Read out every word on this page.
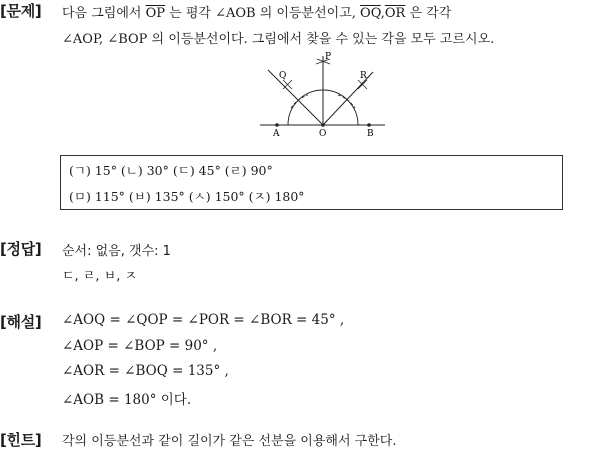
[문제] 다음 그림에서 $\overline{OP}$ 는 평각 ∠AOB 의 이등분선이고, $\overline{OQ},\overline{OR}$ 은 각각
∠AOP, ∠BOP 의 이등분선이다. 그림에서 찾을 수 있는 각을 모두 고르시오.
P
Q	R
A	O	B
(ㄱ) 15° (ㄴ) 30° (ㄷ) 45° (ㄹ) 90°
(ㅁ) 115° (ㅂ) 135° (ㅅ) 150° (ㅈ) 180°
[정답] 순서: 없음, 갯수: 1
ㄷ, ㄹ, ㅂ, ㅈ
[해설] ∠AOQ = ∠QOP = ∠POR = ∠BOR = 45° ,
∠AOP = ∠BOP = 90° ,
∠AOR = ∠BOQ = 135° ,
∠AOB = 180° 이다.
[힌트] 각의 이등분선과 같이 길이가 같은 선분을 이용해서 구한다.
